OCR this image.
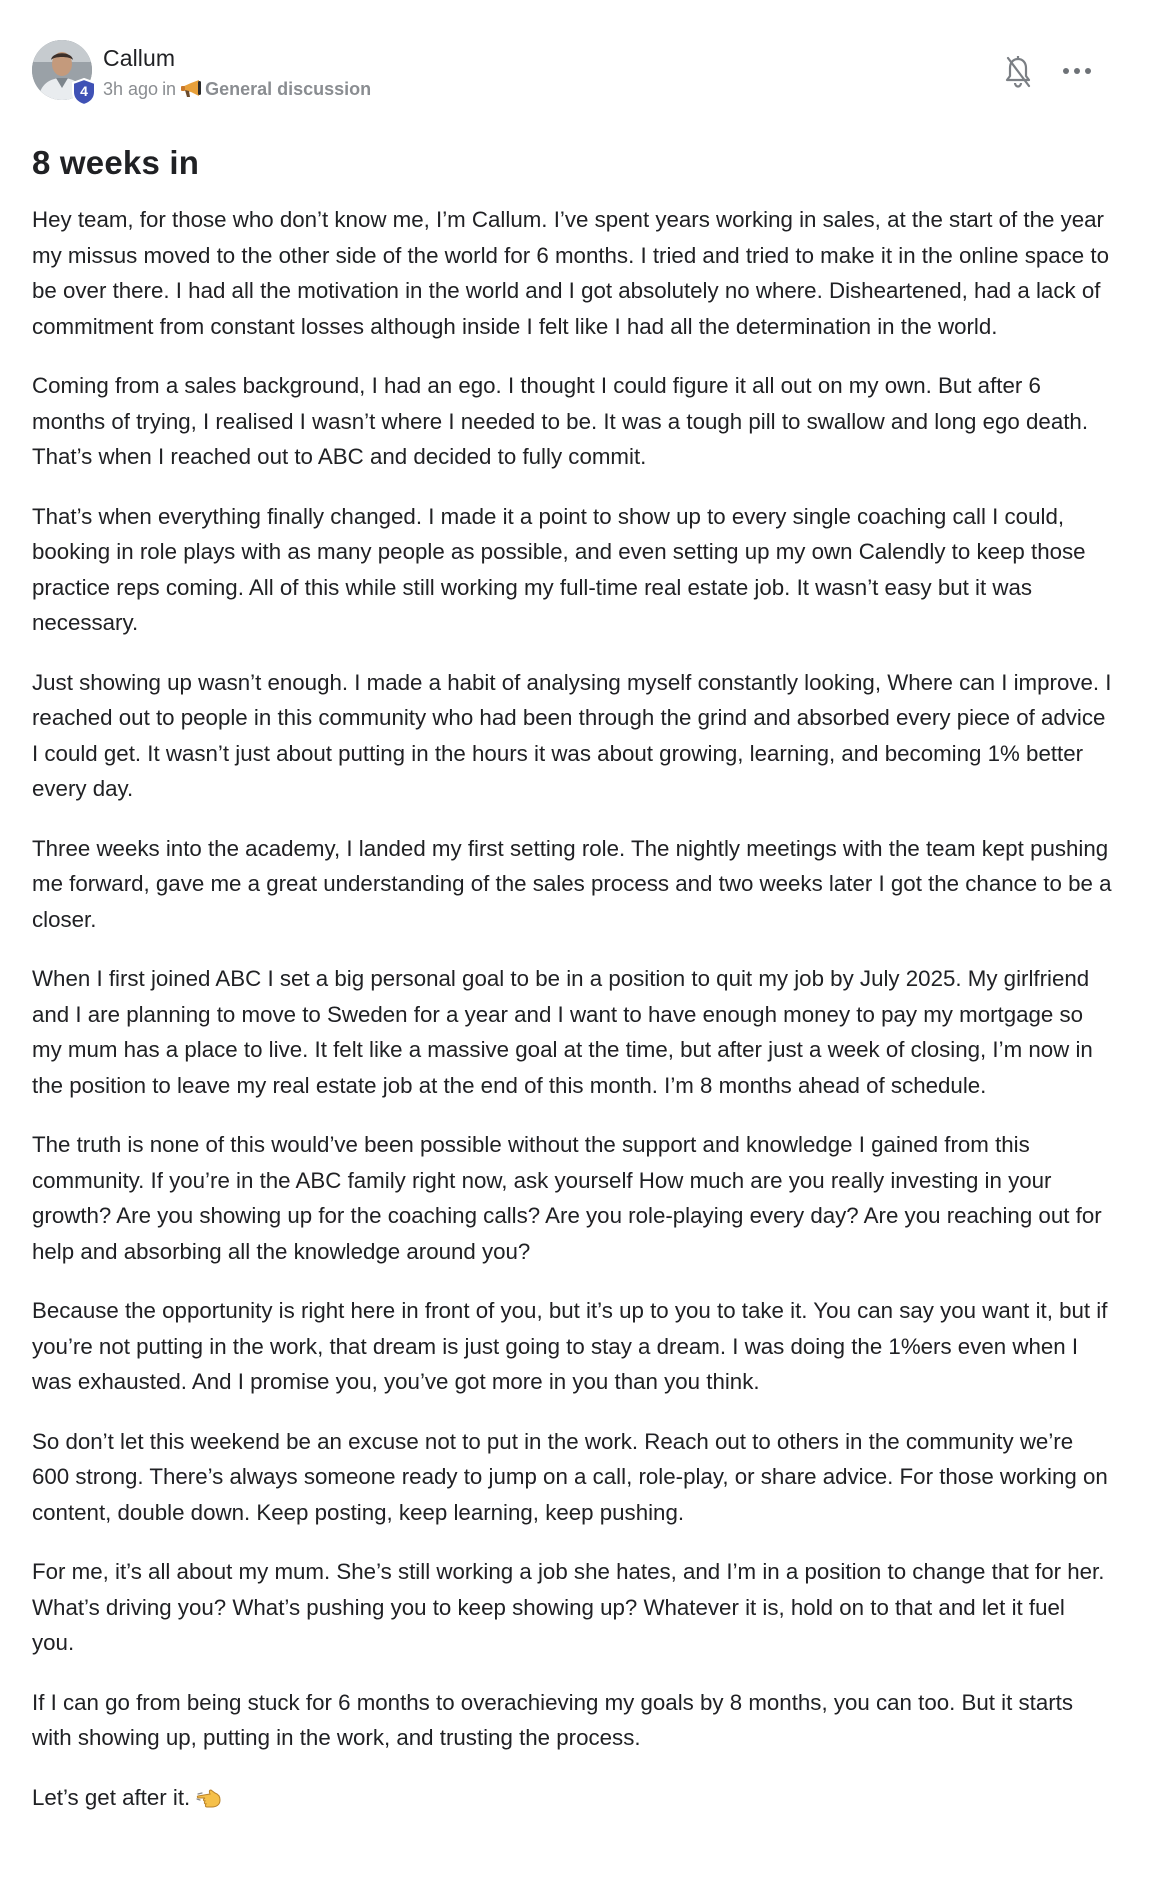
4
Callum
3h ago in General discussion
8 weeks in

Hey team, for those who don’t know me, I’m Callum. I’ve spent years working in sales, at the start of the year my missus moved to the other side of the world for 6 months. I tried and tried to make it in the online space to be over there. I had all the motivation in the world and I got absolutely no where. Disheartened, had a lack of commitment from constant losses although inside I felt like I had all the determination in the world.

Coming from a sales background, I had an ego. I thought I could figure it all out on my own. But after 6 months of trying, I realised I wasn’t where I needed to be. It was a tough pill to swallow and long ego death. That’s when I reached out to ABC and decided to fully commit.

That’s when everything finally changed. I made it a point to show up to every single coaching call I could, booking in role plays with as many people as possible, and even setting up my own Calendly to keep those practice reps coming. All of this while still working my full-time real estate job. It wasn’t easy but it was necessary.

Just showing up wasn’t enough. I made a habit of analysing myself constantly looking, Where can I improve. I reached out to people in this community who had been through the grind and absorbed every piece of advice I could get. It wasn’t just about putting in the hours it was about growing, learning, and becoming 1% better every day.

Three weeks into the academy, I landed my first setting role. The nightly meetings with the team kept pushing me forward, gave me a great understanding of the sales process and two weeks later I got the chance to be a closer.

When I first joined ABC I set a big personal goal to be in a position to quit my job by July 2025. My girlfriend and I are planning to move to Sweden for a year and I want to have enough money to pay my mortgage so my mum has a place to live. It felt like a massive goal at the time, but after just a week of closing, I’m now in the position to leave my real estate job at the end of this month. I’m 8 months ahead of schedule.

The truth is none of this would’ve been possible without the support and knowledge I gained from this community. If you’re in the ABC family right now, ask yourself How much are you really investing in your growth? Are you showing up for the coaching calls? Are you role-playing every day? Are you reaching out for help and absorbing all the knowledge around you?

Because the opportunity is right here in front of you, but it’s up to you to take it. You can say you want it, but if you’re not putting in the work, that dream is just going to stay a dream. I was doing the 1%ers even when I was exhausted. And I promise you, you’ve got more in you than you think.

So don’t let this weekend be an excuse not to put in the work. Reach out to others in the community we’re 600 strong. There’s always someone ready to jump on a call, role-play, or share advice. For those working on content, double down. Keep posting, keep learning, keep pushing.

For me, it’s all about my mum. She’s still working a job she hates, and I’m in a position to change that for her. What’s driving you? What’s pushing you to keep showing up? Whatever it is, hold on to that and let it fuel you.

If I can go from being stuck for 6 months to overachieving my goals by 8 months, you can too. But it starts with showing up, putting in the work, and trusting the process.

Let’s get after it.
